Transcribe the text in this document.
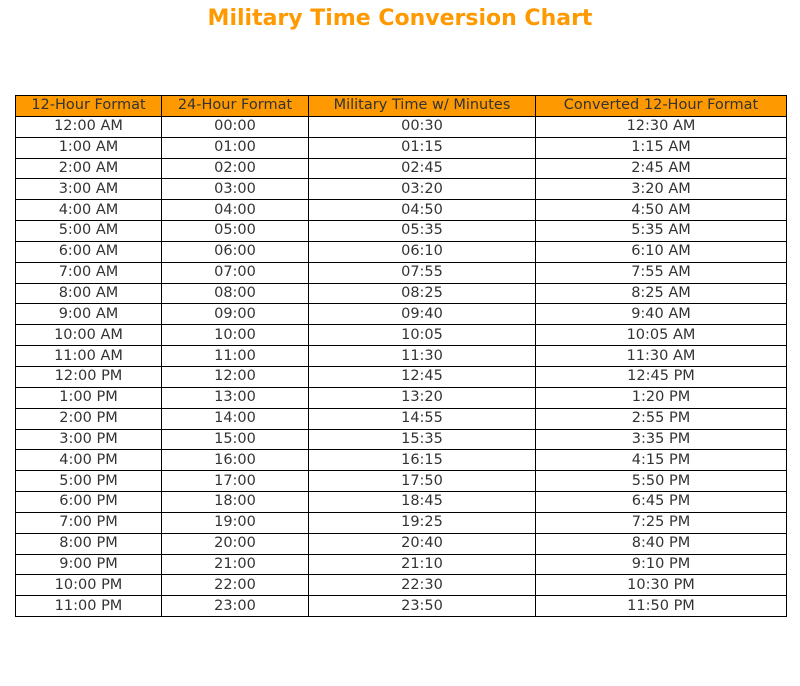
Military Time Conversion Chart
12-Hour Format	24-Hour Format	Military Time w/ Minutes	Converted 12-Hour Format
12:00 AM	00:00	00:30	12:30 AM
1:00 AM	01:00	01:15	1:15 AM
2:00 AM	02:00	02:45	2:45 AM
3:00 AM	03:00	03:20	3:20 AM
4:00 AM	04:00	04:50	4:50 AM
5:00 AM	05:00	05:35	5:35 AM
6:00 AM	06:00	06:10	6:10 AM
7:00 AM	07:00	07:55	7:55 AM
8:00 AM	08:00	08:25	8:25 AM
9:00 AM	09:00	09:40	9:40 AM
10:00 AM	10:00	10:05	10:05 AM
11:00 AM	11:00	11:30	11:30 AM
12:00 PM	12:00	12:45	12:45 PM
1:00 PM	13:00	13:20	1:20 PM
2:00 PM	14:00	14:55	2:55 PM
3:00 PM	15:00	15:35	3:35 PM
4:00 PM	16:00	16:15	4:15 PM
5:00 PM	17:00	17:50	5:50 PM
6:00 PM	18:00	18:45	6:45 PM
7:00 PM	19:00	19:25	7:25 PM
8:00 PM	20:00	20:40	8:40 PM
9:00 PM	21:00	21:10	9:10 PM
10:00 PM	22:00	22:30	10:30 PM
11:00 PM	23:00	23:50	11:50 PM
